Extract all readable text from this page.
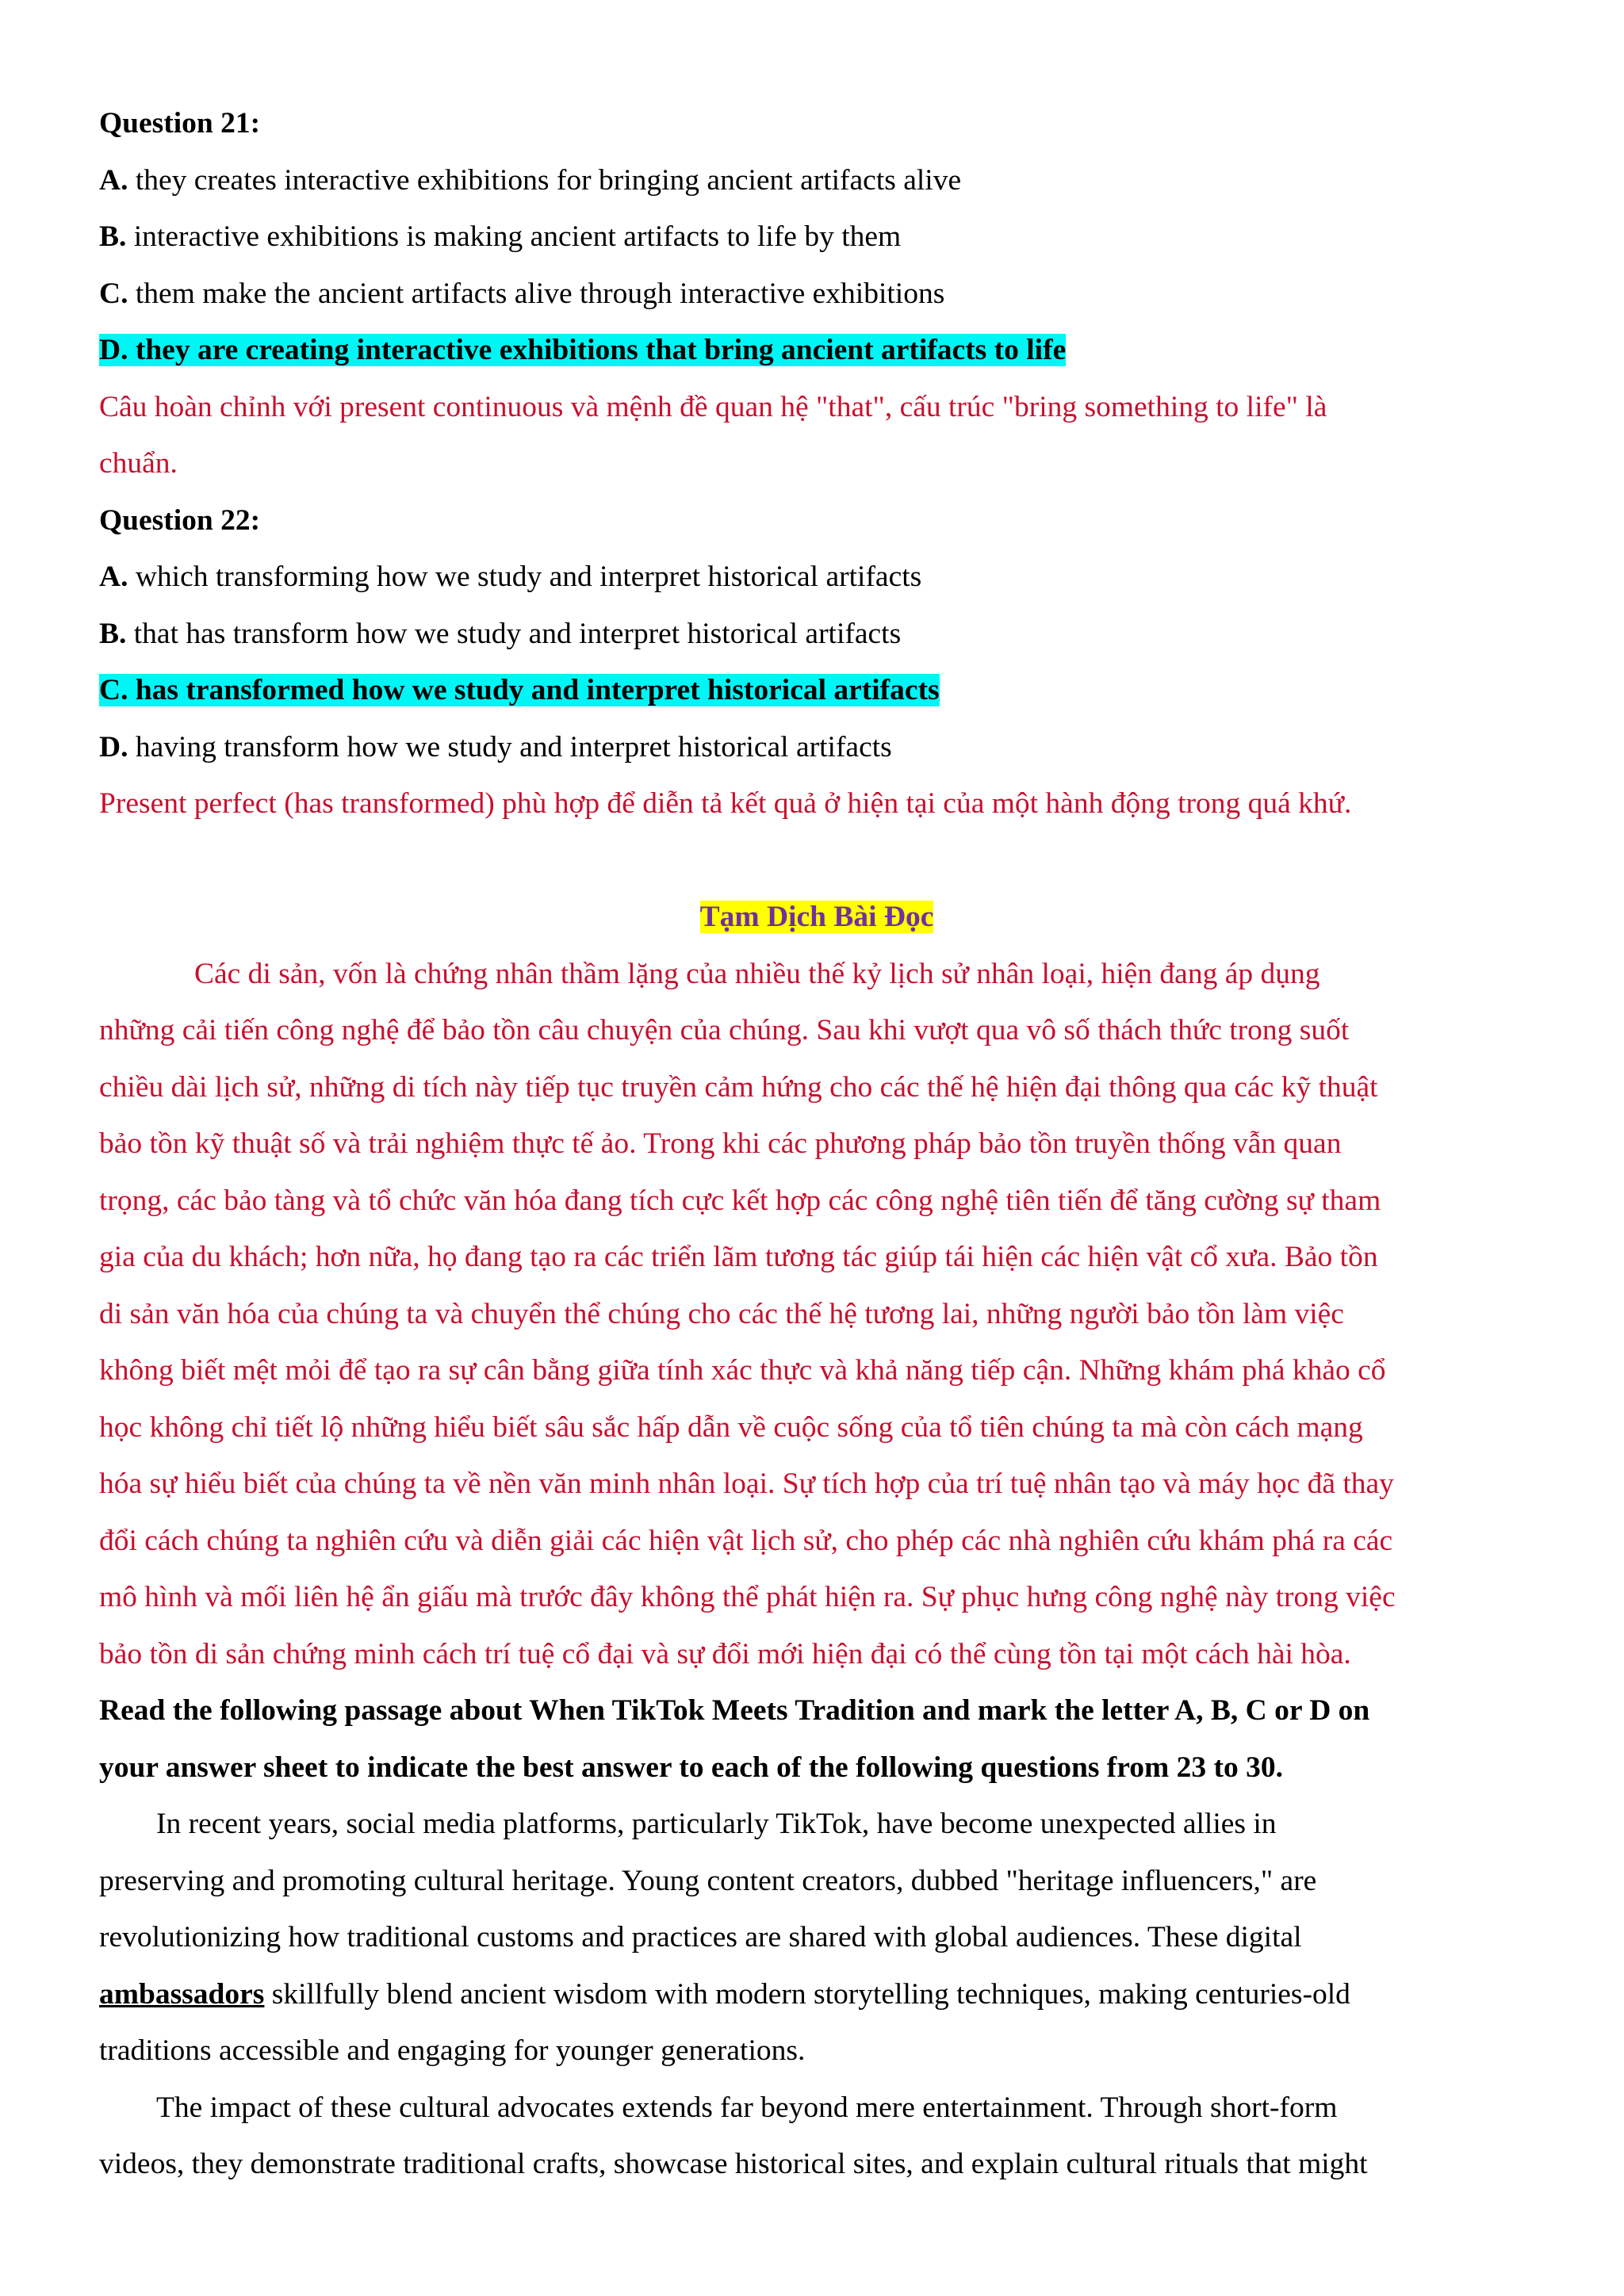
Question 21:
A. they creates interactive exhibitions for bringing ancient artifacts alive
B. interactive exhibitions is making ancient artifacts to life by them
C. them make the ancient artifacts alive through interactive exhibitions
D. they are creating interactive exhibitions that bring ancient artifacts to life
Câu hoàn chỉnh với present continuous và mệnh đề quan hệ "that", cấu trúc "bring something to life" là
chuẩn.
Question 22:
A. which transforming how we study and interpret historical artifacts
B. that has transform how we study and interpret historical artifacts
C. has transformed how we study and interpret historical artifacts
D. having transform how we study and interpret historical artifacts
Present perfect (has transformed) phù hợp để diễn tả kết quả ở hiện tại của một hành động trong quá khứ.
Tạm Dịch Bài Đọc
Các di sản, vốn là chứng nhân thầm lặng của nhiều thế kỷ lịch sử nhân loại, hiện đang áp dụng
những cải tiến công nghệ để bảo tồn câu chuyện của chúng. Sau khi vượt qua vô số thách thức trong suốt
chiều dài lịch sử, những di tích này tiếp tục truyền cảm hứng cho các thế hệ hiện đại thông qua các kỹ thuật
bảo tồn kỹ thuật số và trải nghiệm thực tế ảo. Trong khi các phương pháp bảo tồn truyền thống vẫn quan
trọng, các bảo tàng và tổ chức văn hóa đang tích cực kết hợp các công nghệ tiên tiến để tăng cường sự tham
gia của du khách; hơn nữa, họ đang tạo ra các triển lãm tương tác giúp tái hiện các hiện vật cổ xưa. Bảo tồn
di sản văn hóa của chúng ta và chuyển thể chúng cho các thế hệ tương lai, những người bảo tồn làm việc
không biết mệt mỏi để tạo ra sự cân bằng giữa tính xác thực và khả năng tiếp cận. Những khám phá khảo cổ
học không chỉ tiết lộ những hiểu biết sâu sắc hấp dẫn về cuộc sống của tổ tiên chúng ta mà còn cách mạng
hóa sự hiểu biết của chúng ta về nền văn minh nhân loại. Sự tích hợp của trí tuệ nhân tạo và máy học đã thay
đổi cách chúng ta nghiên cứu và diễn giải các hiện vật lịch sử, cho phép các nhà nghiên cứu khám phá ra các
mô hình và mối liên hệ ẩn giấu mà trước đây không thể phát hiện ra. Sự phục hưng công nghệ này trong việc
bảo tồn di sản chứng minh cách trí tuệ cổ đại và sự đổi mới hiện đại có thể cùng tồn tại một cách hài hòa.
Read the following passage about When TikTok Meets Tradition and mark the letter A, B, C or D on
your answer sheet to indicate the best answer to each of the following questions from 23 to 30.
In recent years, social media platforms, particularly TikTok, have become unexpected allies in
preserving and promoting cultural heritage. Young content creators, dubbed "heritage influencers," are
revolutionizing how traditional customs and practices are shared with global audiences. These digital
ambassadors skillfully blend ancient wisdom with modern storytelling techniques, making centuries-old
traditions accessible and engaging for younger generations.
The impact of these cultural advocates extends far beyond mere entertainment. Through short-form
videos, they demonstrate traditional crafts, showcase historical sites, and explain cultural rituals that might
